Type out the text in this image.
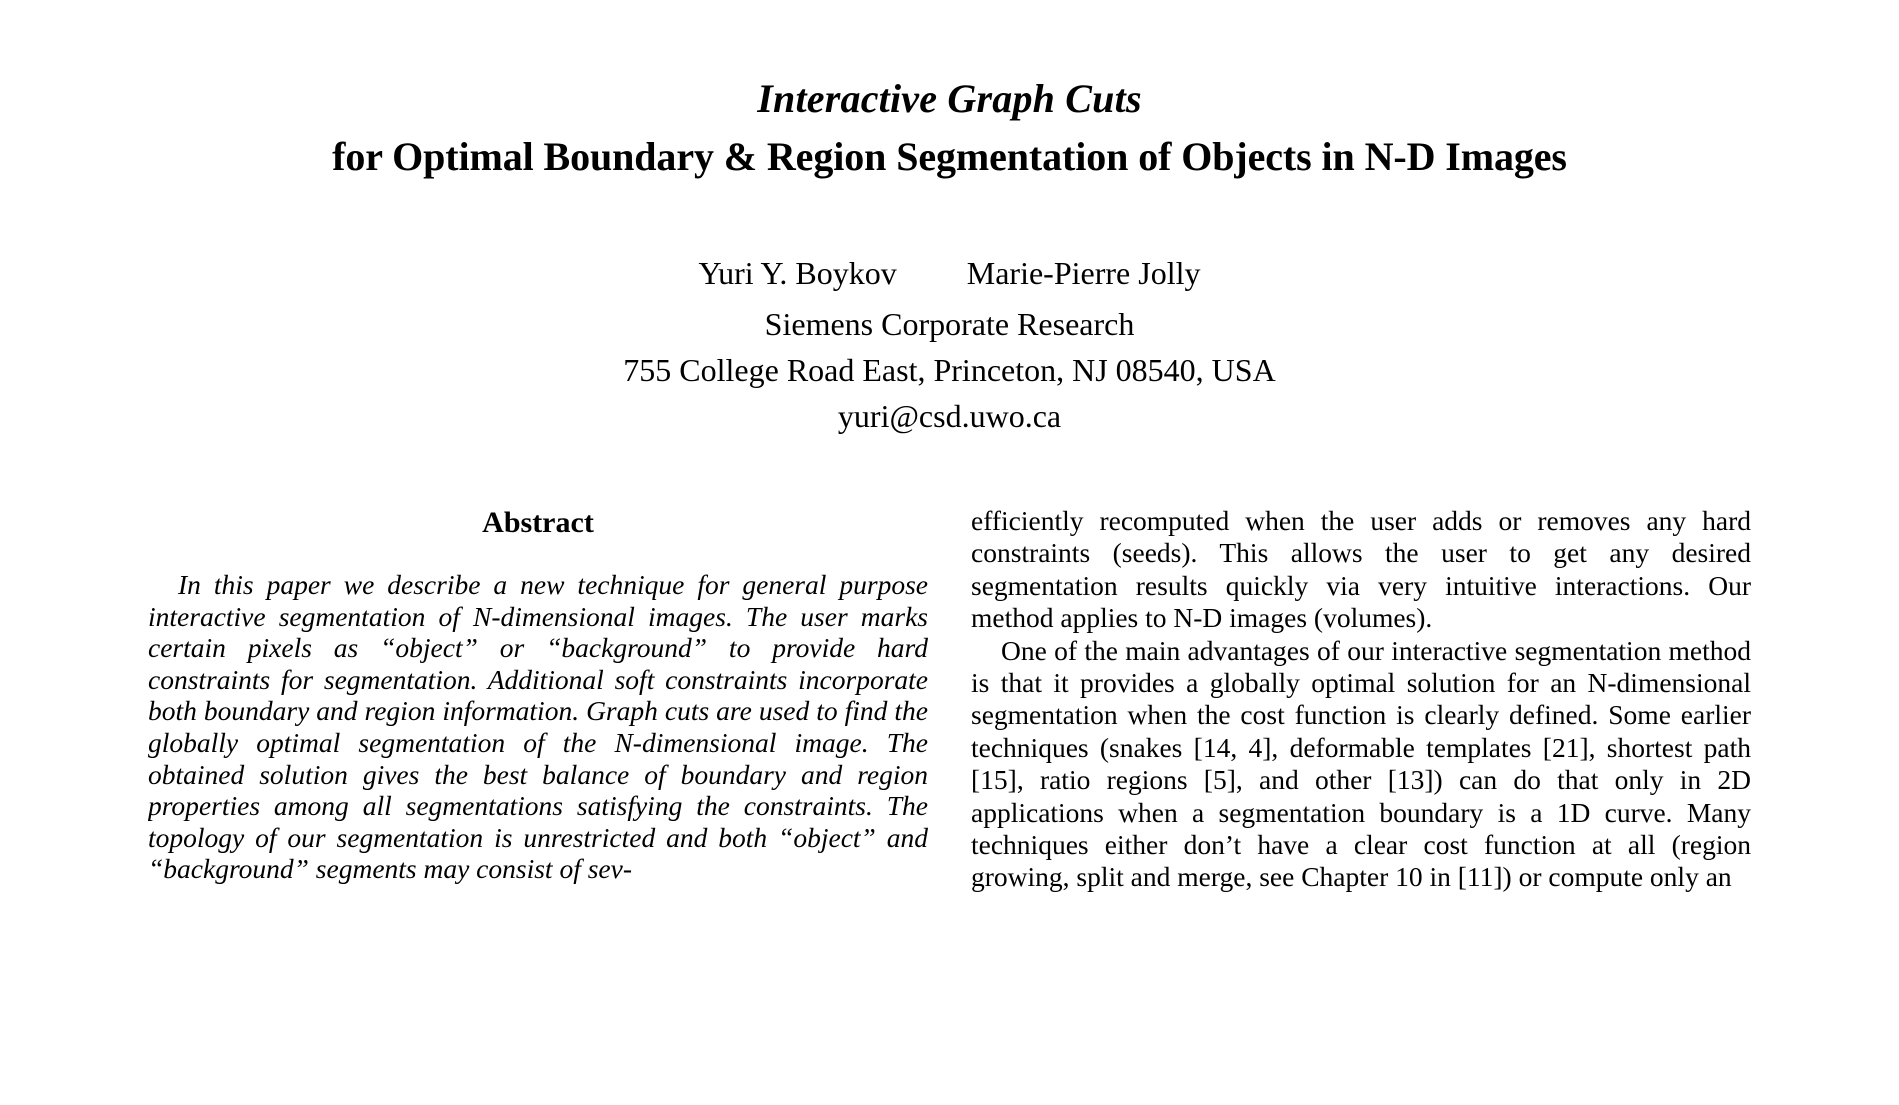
Interactive Graph Cuts
for Optimal Boundary & Region Segmentation of Objects in N-D Images
Yuri Y. Boykov Marie-Pierre Jolly
Siemens Corporate Research
755 College Road East, Princeton, NJ 08540, USA
yuri@csd.uwo.ca
Abstract

In this paper we describe a new technique for general purpose interactive segmentation of N-dimensional images. The user marks certain pixels as “object” or “background” to provide hard constraints for segmentation. Additional soft constraints incorporate both boundary and region information. Graph cuts are used to find the globally optimal segmentation of the N-dimensional image. The obtained solution gives the best balance of boundary and region properties among all segmentations satisfying the constraints. The topology of our segmentation is unrestricted and both “object” and “background” segments may consist of sev-

efficiently recomputed when the user adds or removes any hard constraints (seeds). This allows the user to get any desired segmentation results quickly via very intuitive interactions. Our method applies to N-D images (volumes).

One of the main advantages of our interactive segmentation method is that it provides a globally optimal solution for an N-dimensional segmentation when the cost function is clearly defined. Some earlier techniques (snakes [14, 4], deformable templates [21], shortest path [15], ratio regions [5], and other [13]) can do that only in 2D applications when a segmentation boundary is a 1D curve. Many techniques either don’t have a clear cost function at all (region growing, split and merge, see Chapter 10 in [11]) or compute only an
